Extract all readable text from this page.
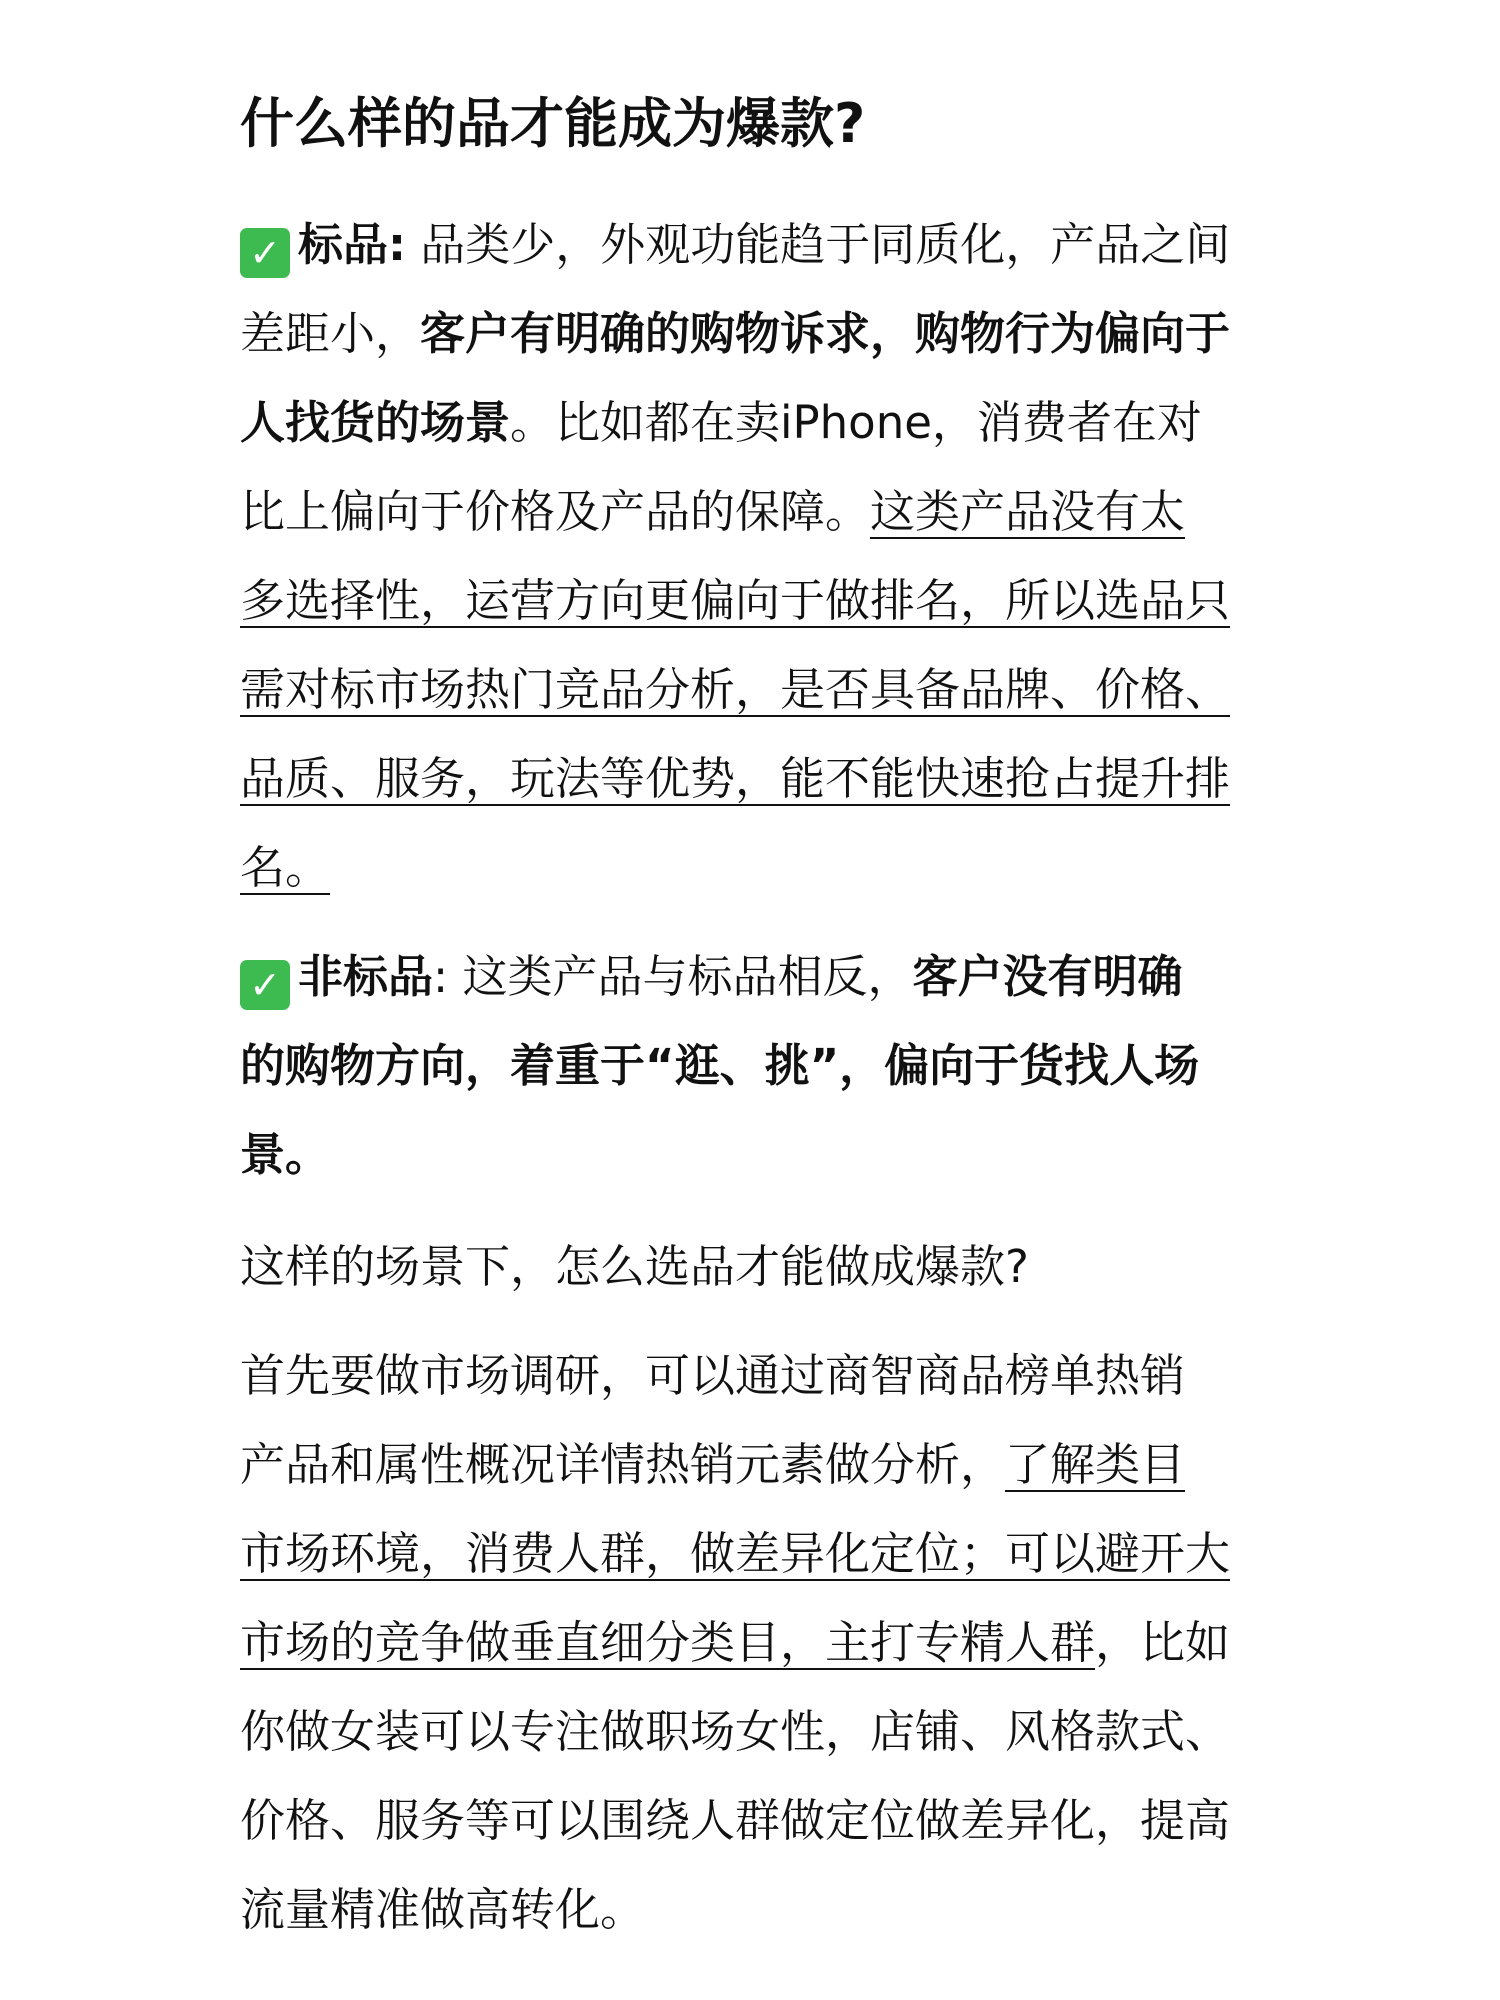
什么样的品才能成为爆款?
✓ 标品: 品类少，外观功能趋于同质化，产品之间
差距小，客户有明确的购物诉求，购物行为偏向于
人找货的场景。比如都在卖iPhone，消费者在对
比上偏向于价格及产品的保障。这类产品没有太
多选择性，运营方向更偏向于做排名，所以选品只
需对标市场热门竞品分析，是否具备品牌、价格、
品质、服务，玩法等优势，能不能快速抢占提升排
名。
✓ 非标品: 这类产品与标品相反，客户没有明确
的购物方向，着重于“逛、挑”，偏向于货找人场
景。
这样的场景下，怎么选品才能做成爆款?
首先要做市场调研，可以通过商智商品榜单热销
产品和属性概况详情热销元素做分析，了解类目
市场环境，消费人群，做差异化定位；可以避开大
市场的竞争做垂直细分类目，主打专精人群，比如
你做女装可以专注做职场女性，店铺、风格款式、
价格、服务等可以围绕人群做定位做差异化，提高
流量精准做高转化。
